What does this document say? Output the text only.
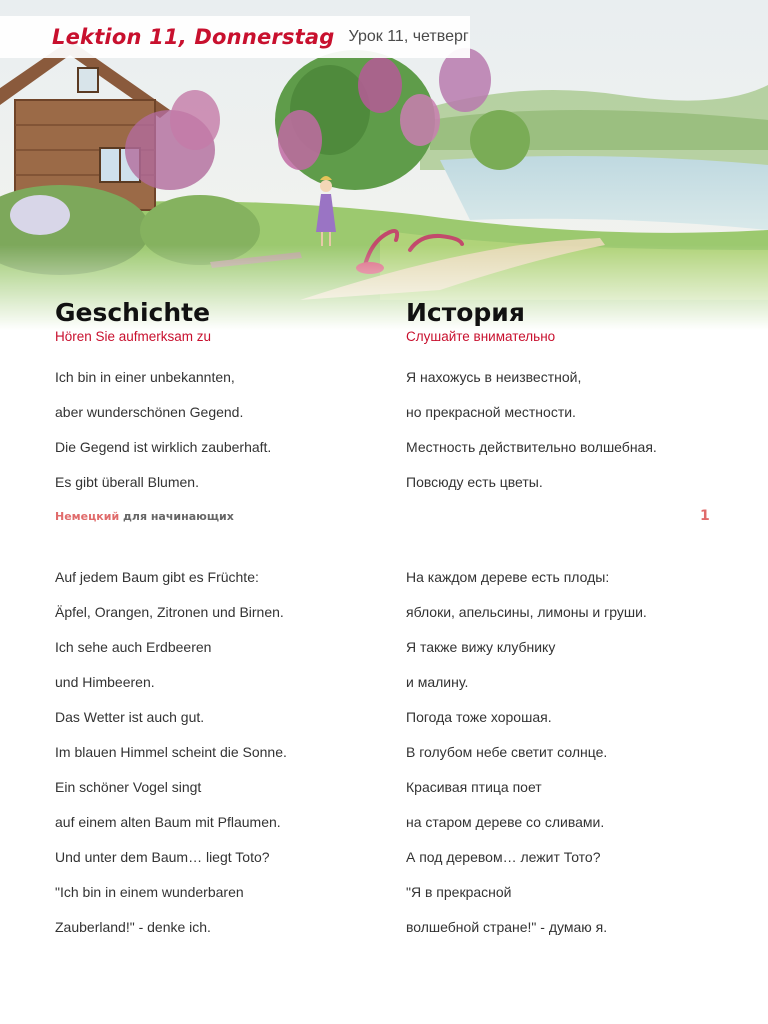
Lektion 11, Donnerstag Урок 11, четверг
Geschichte
Hören Sie aufmerksam zu
История
Слушайте внимательно
Ich bin in einer unbekannten,
aber wunderschönen Gegend.
Die Gegend ist wirklich zauberhaft.
Es gibt überall Blumen.
Я нахожусь в неизвестной,
но прекрасной местности.
Местность действительно волшебная.
Повсюду есть цветы.
Немецкий для начинающих	1
Auf jedem Baum gibt es Früchte:
Äpfel, Orangen, Zitronen und Birnen.
Ich sehe auch Erdbeeren
und Himbeeren.
Das Wetter ist auch gut.
Im blauen Himmel scheint die Sonne.
Ein schöner Vogel singt
auf einem alten Baum mit Pflaumen.
Und unter dem Baum… liegt Toto?
"Ich bin in einem wunderbaren
Zauberland!" - denke ich.
На каждом дереве есть плоды:
яблоки, апельсины, лимоны и груши.
Я также вижу клубнику
и малину.
Погода тоже хорошая.
В голубом небе светит солнце.
Красивая птица поет
на старом дереве со сливами.
А под деревом… лежит Тото?
"Я в прекрасной
волшебной стране!" - думаю я.
